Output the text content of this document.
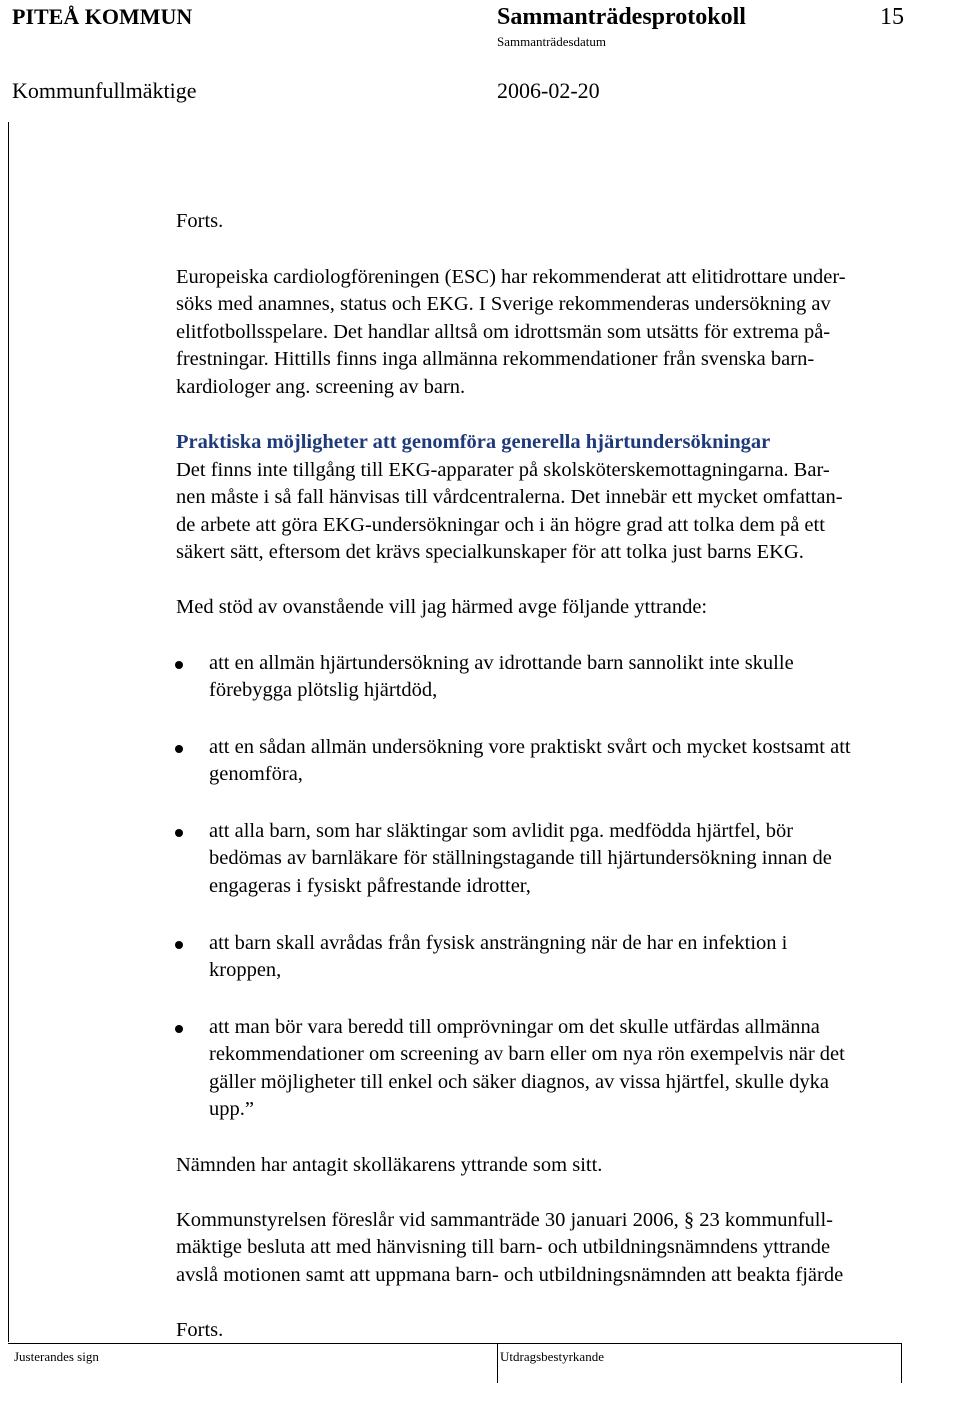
PITEÅ KOMMUN	Sammanträdesprotokoll	15
Sammanträdesdatum
Kommunfullmäktige	2006-02-20
Forts.
Europeiska cardiologföreningen (ESC) har rekommenderat att elitidrottare under-
söks med anamnes, status och EKG. I Sverige rekommenderas undersökning av
elitfotbollsspelare. Det handlar alltså om idrottsmän som utsätts för extrema på-
frestningar. Hittills finns inga allmänna rekommendationer från svenska barn-
kardiologer ang. screening av barn.
Praktiska möjligheter att genomföra generella hjärtundersökningar
Det finns inte tillgång till EKG-apparater på skolsköterskemottagningarna. Bar-
nen måste i så fall hänvisas till vårdcentralerna. Det innebär ett mycket omfattan-
de arbete att göra EKG-undersökningar och i än högre grad att tolka dem på ett
säkert sätt, eftersom det krävs specialkunskaper för att tolka just barns EKG.
Med stöd av ovanstående vill jag härmed avge följande yttrande:
att en allmän hjärtundersökning av idrottande barn sannolikt inte skulle
förebygga plötslig hjärtdöd,
att en sådan allmän undersökning vore praktiskt svårt och mycket kostsamt att
genomföra,
att alla barn, som har släktingar som avlidit pga. medfödda hjärtfel, bör
bedömas av barnläkare för ställningstagande till hjärtundersökning innan de
engageras i fysiskt påfrestande idrotter,
att barn skall avrådas från fysisk ansträngning när de har en infektion i
kroppen,
att man bör vara beredd till omprövningar om det skulle utfärdas allmänna
rekommendationer om screening av barn eller om nya rön exempelvis när det
gäller möjligheter till enkel och säker diagnos, av vissa hjärtfel, skulle dyka
upp.”
Nämnden har antagit skolläkarens yttrande som sitt.
Kommunstyrelsen föreslår vid sammanträde 30 januari 2006, § 23 kommunfull-
mäktige besluta att med hänvisning till barn- och utbildningsnämndens yttrande
avslå motionen samt att uppmana barn- och utbildningsnämnden att beakta fjärde
Forts.
Justerandes sign	Utdragsbestyrkande
